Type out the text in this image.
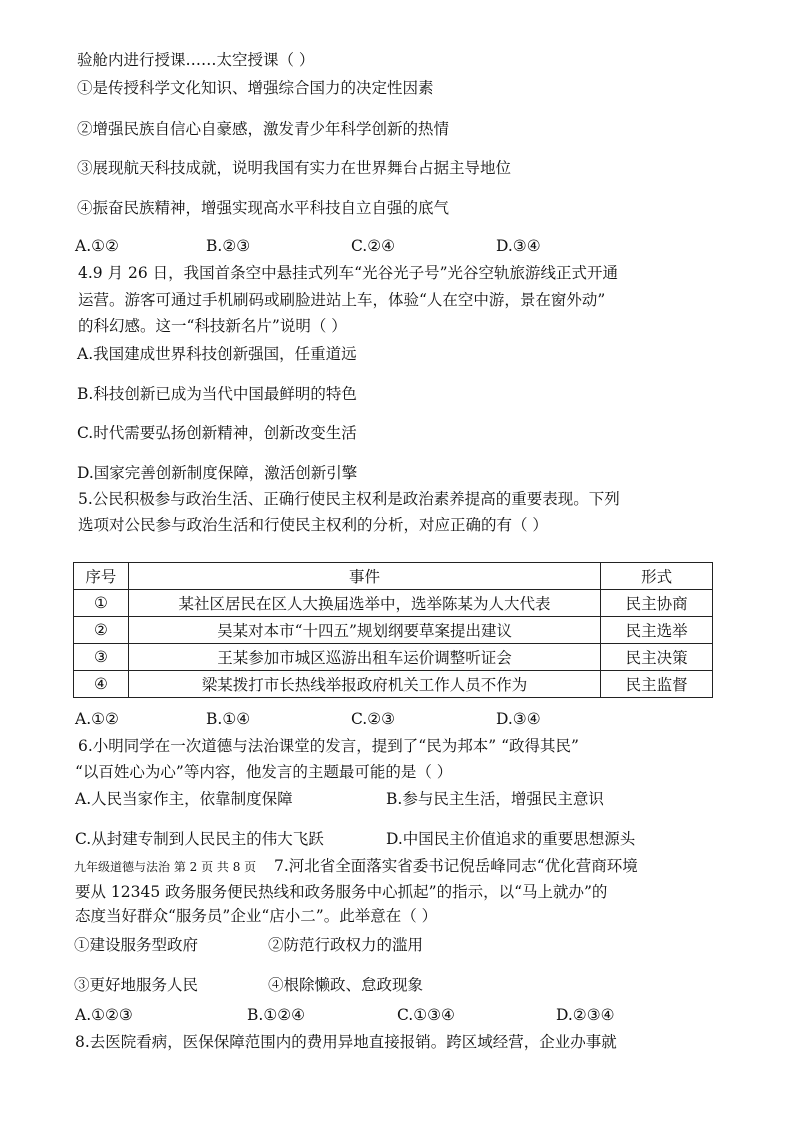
验舱内进行授课……太空授课（ ）
①是传授科学文化知识、增强综合国力的决定性因素
②增强民族自信心自豪感，激发青少年科学创新的热情
③展现航天科技成就，说明我国有实力在世界舞台占据主导地位
④振奋民族精神，增强实现高水平科技自立自强的底气
A.①②	B.②③	C.②④	D.③④
4.9 月 26 日，我国首条空中悬挂式列车“光谷光子号”光谷空轨旅游线正式开通
运营。游客可通过手机刷码或刷脸进站上车，体验“人在空中游，景在窗外动”
的科幻感。这一“科技新名片”说明（ ）
A.我国建成世界科技创新强国，任重道远
B.科技创新已成为当代中国最鲜明的特色
C.时代需要弘扬创新精神，创新改变生活
D.国家完善创新制度保障，激活创新引擎
5.公民积极参与政治生活、正确行使民主权利是政治素养提高的重要表现。下列
选项对公民参与政治生活和行使民主权利的分析，对应正确的有（ ）
序号	事件	形式
①	某社区居民在区人大换届选举中，选举陈某为人大代表	民主协商
②	吴某对本市“十四五”规划纲要草案提出建议	民主选举
③	王某参加市城区巡游出租车运价调整听证会	民主决策
④	梁某拨打市长热线举报政府机关工作人员不作为	民主监督
A.①②	B.①④	C.②③	D.③④
6.小明同学在一次道德与法治课堂的发言，提到了“民为邦本” “政得其民”
“以百姓心为心”等内容，他发言的主题最可能的是（ ）
A.人民当家作主，依靠制度保障	B.参与民主生活，增强民主意识
C.从封建专制到人民民主的伟大飞跃	D.中国民主价值追求的重要思想源头
九年级道德与法治 第 2 页 共 8 页 7.河北省全面落实省委书记倪岳峰同志“优化营商环境
要从 12345 政务服务便民热线和政务服务中心抓起”的指示，以“马上就办”的
态度当好群众“服务员”企业“店小二”。此举意在（ ）
①建设服务型政府	②防范行政权力的滥用
③更好地服务人民	④根除懒政、怠政现象
A.①②③	B.①②④	C.①③④	D.②③④
8.去医院看病，医保保障范围内的费用异地直接报销。跨区域经营，企业办事就
